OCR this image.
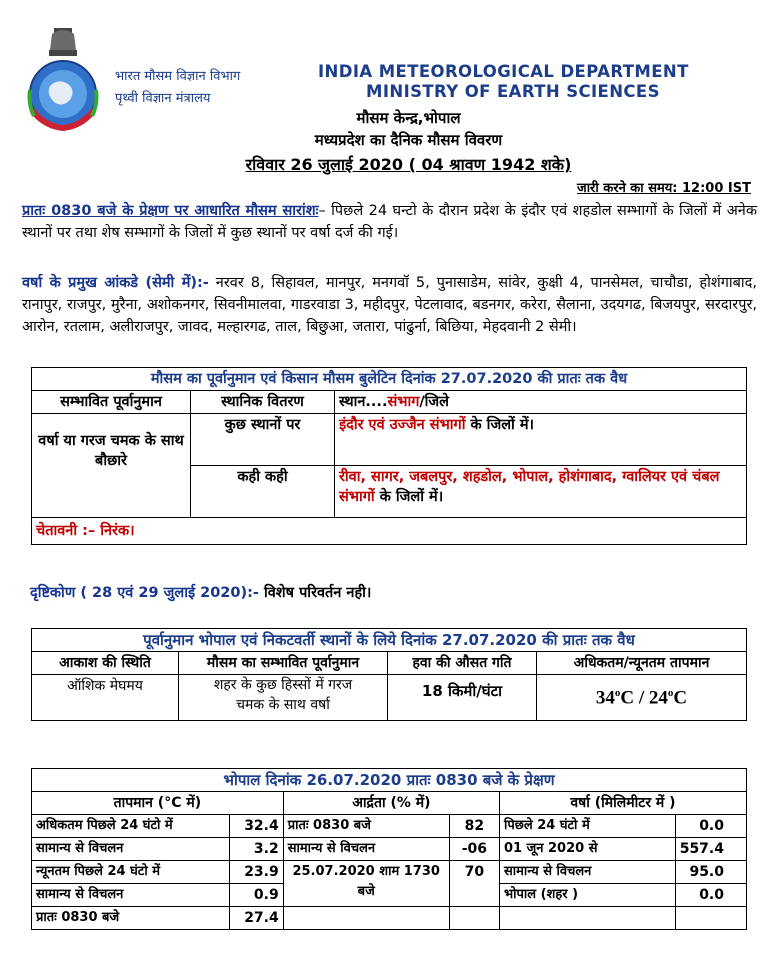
भारत मौसम विज्ञान विभाग
पृथ्वी विज्ञान मंत्रालय
INDIA METEOROLOGICAL DEPARTMENT
MINISTRY OF EARTH SCIENCES
मौसम केन्द्र,भोपाल
मध्यप्रदेश का दैनिक मौसम विवरण
रविवार 26 जुलाई 2020 ( 04 श्रावण 1942 शके)
जारी करने का समय: 12:00 IST
प्रातः 0830 बजे के प्रेक्षण पर आधारित मौसम सारांशः– पिछले 24 घन्टो के दौरान प्रदेश के इंदौर एवं शहडोल सम्भागों के जिलों में अनेक स्थानों पर तथा शेष सम्भागों के जिलों में कुछ स्थानों पर वर्षा दर्ज की गई।
वर्षा के प्रमुख आंकडे (सेमी में):- नरवर 8, सिहावल, मानपुर, मनगवॉ 5, पुनासाडेम, सांवेर, कुक्षी 4, पानसेमल, चाचौडा, होशंगाबाद, रानापुर, राजपुर, मुरैना, अशोकनगर, सिवनीमालवा, गाडरवाडा 3, महीदपुर, पेटलावाद, बडनगर, करेरा, सैलाना, उदयगढ, बिजयपुर, सरदारपुर, आरोन, रतलाम, अलीराजपुर, जावद, मल्हारगढ, ताल, बिछुआ, जतारा, पांढुर्ना, बिछिया, मेहदवानी 2 सेमी।
मौसम का पूर्वानुमान एवं किसान मौसम बुलेटिन दिनांक 27.07.2020 की प्रातः तक वैध		
सम्भावित पूर्वानुमान	स्थानिक वितरण	स्थान....संभाग/जिले
वर्षा या गरज चमक के साथ बौछारे	कुछ स्थानों पर	इंदौर एवं उज्जैन संभागों के जिलों में।
	कही कही	रीवा, सागर, जबलपुर, शहडोल, भोपाल, होशंगाबाद, ग्वालियर एवं चंबल संभागों के जिलों में।
चेतावनी :– निरंक।		
दृष्टिकोण ( 28 एवं 29 जुलाई 2020):- विशेष परिवर्तन नही।
पूर्वानुमान भोपाल एवं निकटवर्ती स्थानों के लिये दिनांक 27.07.2020 की प्रातः तक वैध			
आकाश की स्थिति	मौसम का सम्भावित पूर्वानुमान	हवा की औसत गति	अधिकतम/न्यूनतम तापमान
ऑशिक मेघमय	शहर के कुछ हिस्सों में गरज चमक के साथ वर्षा	18 किमी/घंटा	34$^o$C / 24$^o$C
भोपाल दिनांक 26.07.2020 प्रातः 0830 बजे के प्रेक्षण					
तापमान (°C में)		आर्द्रता (% में)		वर्षा (मिलिमीटर में )	
अधिकतम पिछले 24 घंटो में	32.4	प्रातः 0830 बजे	82	पिछले 24 घंटो में	0.0
सामान्य से विचलन	3.2	सामान्य से विचलन	-06	01 जून 2020 से	557.4
न्यूनतम पिछले 24 घंटो में	23.9	25.07.2020 शाम 1730 बजे	70	सामान्य से विचलन	95.0
सामान्य से विचलन	0.9			भोपाल (शहर )	0.0
प्रातः 0830 बजे	27.4				
